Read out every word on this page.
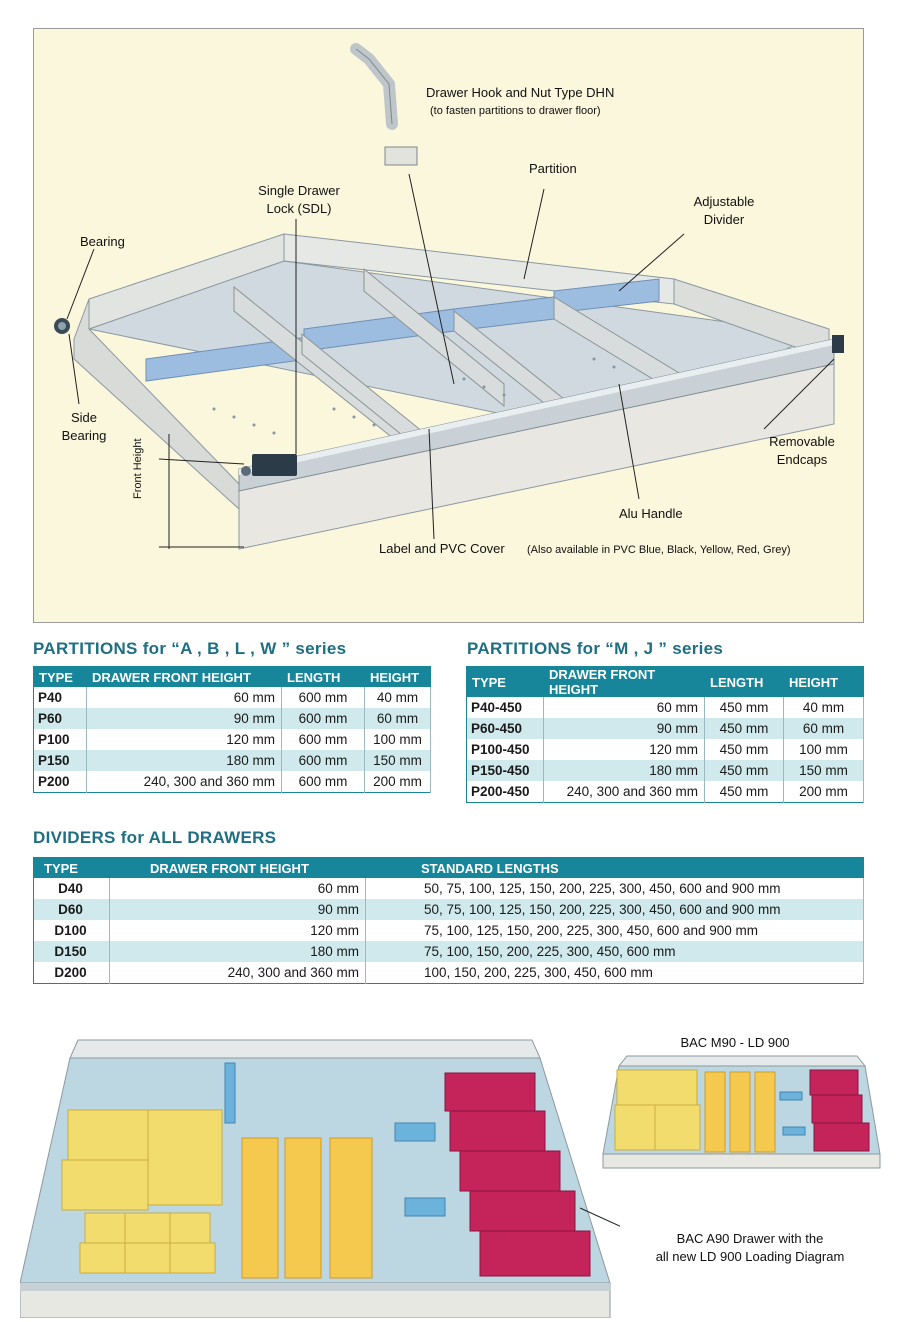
Drawer Hook and Nut Type DHN
(to fasten partitions to drawer floor)
Partition
Single Drawer
Lock (SDL)	Adjustable
Divider
Bearing
Side
Bearing	Removable
Endcaps
Alu Handle
(Also available in PVC Blue, Black, Yellow, Red, Grey)
Label and PVC Cover
Front Height
PARTITIONS for “A , B , L , W ” series
TYPE	DRAWER FRONT HEIGHT	LENGTH	HEIGHT
P40	60 mm	600 mm	40 mm
P60	90 mm	600 mm	60 mm
P100	120 mm	600 mm	100 mm
P150	180 mm	600 mm	150 mm
P200	240, 300 and 360 mm	600 mm	200 mm
PARTITIONS for “M , J ” series
TYPE	DRAWER FRONT HEIGHT	LENGTH	HEIGHT
P40-450	60 mm	450 mm	40 mm
P60-450	90 mm	450 mm	60 mm
P100-450	120 mm	450 mm	100 mm
P150-450	180 mm	450 mm	150 mm
P200-450	240, 300 and 360 mm	450 mm	200 mm
DIVIDERS for ALL DRAWERS
TYPE	DRAWER FRONT HEIGHT	STANDARD LENGTHS
D40	60 mm	50, 75, 100, 125, 150, 200, 225, 300, 450, 600 and 900 mm
D60	90 mm	50, 75, 100, 125, 150, 200, 225, 300, 450, 600 and 900 mm
D100	120 mm	75, 100, 125, 150, 200, 225, 300, 450, 600 and 900 mm
D150	180 mm	75, 100, 150, 200, 225, 300, 450, 600 mm
D200	240, 300 and 360 mm	100, 150, 200, 225, 300, 450, 600 mm
BAC M90 - LD 900
BAC A90 Drawer with the
all new LD 900 Loading Diagram
